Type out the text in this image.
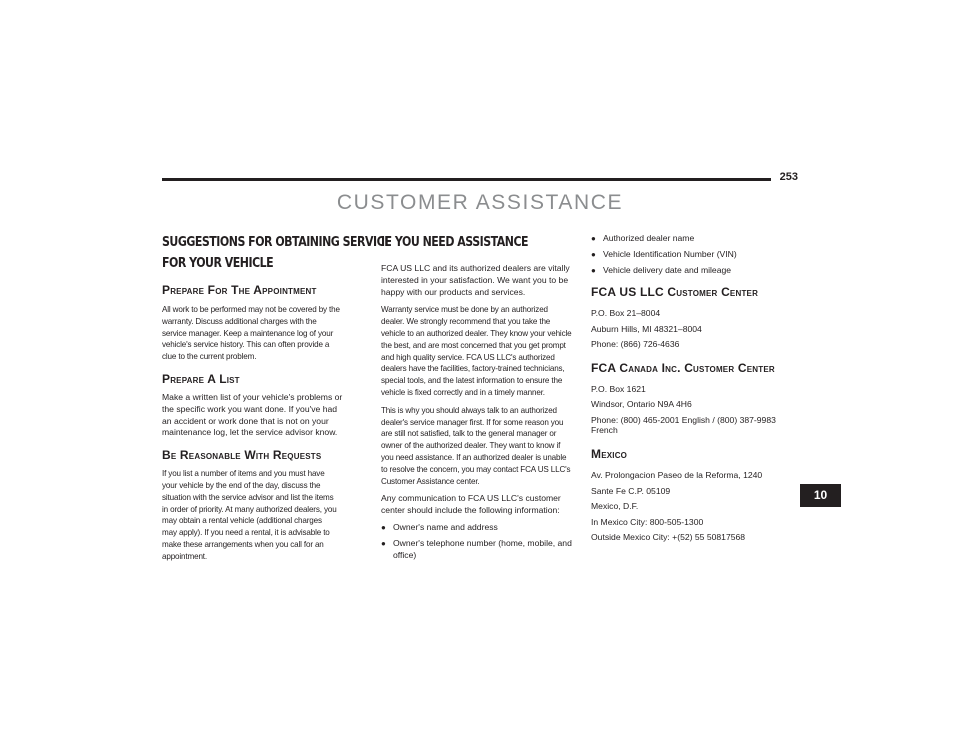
253
CUSTOMER ASSISTANCE
10
SUGGESTIONS FOR OBTAINING SERVICE
FOR YOUR VEHICLE
Prepare For The Appointment

All work to be performed may not be covered by the
warranty. Discuss additional charges with the
service manager. Keep a maintenance log of your
vehicle's service history. This can often provide a
clue to the current problem.

Prepare A List

Make a written list of your vehicle's problems or
the specific work you want done. If you've had
an accident or work done that is not on your
maintenance log, let the service advisor know.

Be Reasonable With Requests

If you list a number of items and you must have
your vehicle by the end of the day, discuss the
situation with the service advisor and list the items
in order of priority. At many authorized dealers, you
may obtain a rental vehicle (additional charges
may apply). If you need a rental, it is advisable to
make these arrangements when you call for an
appointment.

IF YOU NEED ASSISTANCE

FCA US LLC and its authorized dealers are vitally
interested in your satisfaction. We want you to be
happy with our products and services.

Warranty service must be done by an authorized
dealer. We strongly recommend that you take the
vehicle to an authorized dealer. They know your vehicle
the best, and are most concerned that you get prompt
and high quality service. FCA US LLC's authorized
dealers have the facilities, factory-trained technicians,
special tools, and the latest information to ensure the
vehicle is fixed correctly and in a timely manner.

This is why you should always talk to an authorized
dealer's service manager first. If for some reason you
are still not satisfied, talk to the general manager or
owner of the authorized dealer. They want to know if
you need assistance. If an authorized dealer is unable
to resolve the concern, you may contact FCA US LLC's
Customer Assistance center.

Any communication to FCA US LLC's customer
center should include the following information:

● Owner's name and address
● Owner's telephone number (home, mobile, and
office)
● Authorized dealer name
● Vehicle Identification Number (VIN)
● Vehicle delivery date and mileage
FCA US LLC Customer Center

P.O. Box 21–8004
Auburn Hills, MI 48321–8004
Phone: (866) 726-4636

FCA Canada Inc. Customer Center

P.O. Box 1621
Windsor, Ontario N9A 4H6
Phone: (800) 465-2001 English / (800) 387-9983

French

Mexico

Av. Prolongacion Paseo de la Reforma, 1240
Sante Fe C.P. 05109
Mexico, D.F.
In Mexico City: 800-505-1300
Outside Mexico City: +(52) 55 50817568
